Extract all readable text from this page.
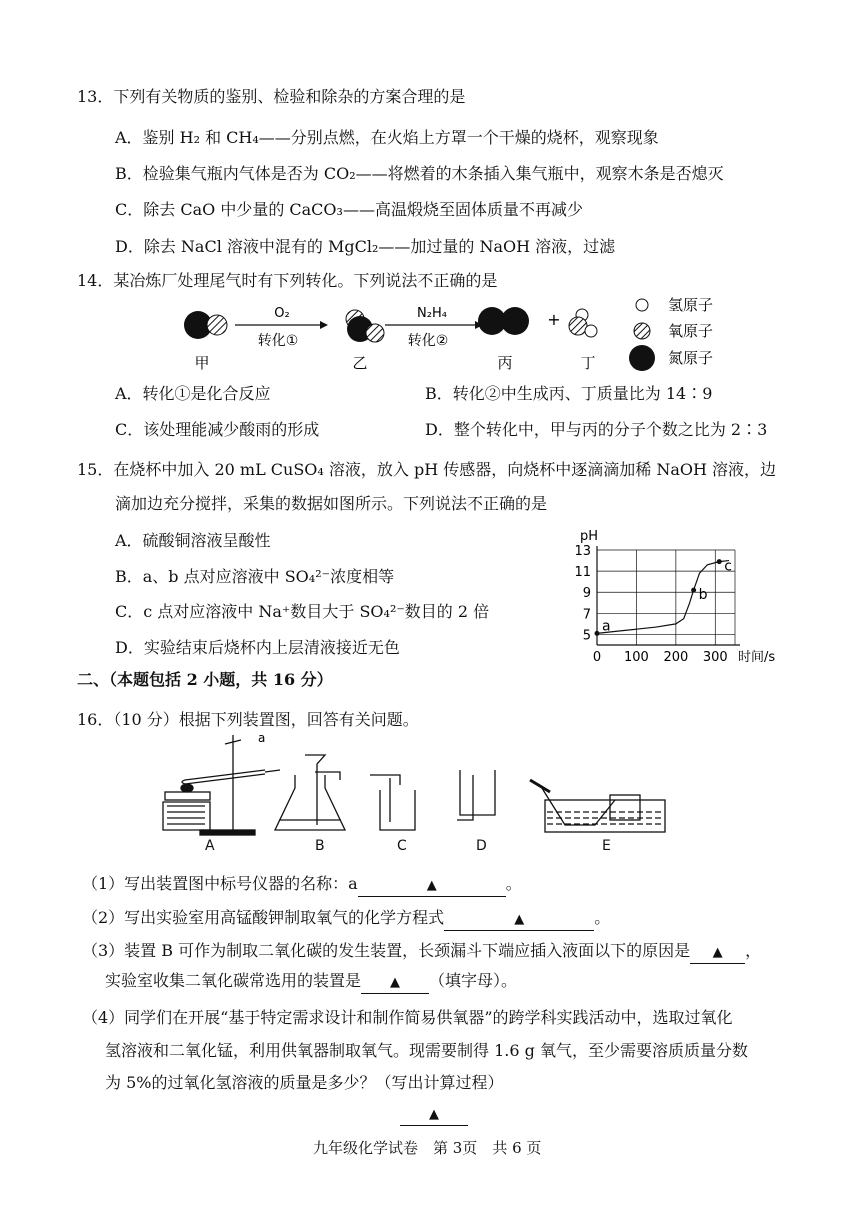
13．下列有关物质的鉴别、检验和除杂的方案合理的是
A．鉴别 H₂ 和 CH₄——分别点燃，在火焰上方罩一个干燥的烧杯，观察现象
B．检验集气瓶内气体是否为 CO₂——将燃着的木条插入集气瓶中，观察木条是否熄灭
C．除去 CaO 中少量的 CaCO₃——高温煅烧至固体质量不再减少
D．除去 NaCl 溶液中混有的 MgCl₂——加过量的 NaOH 溶液，过滤
14．某冶炼厂处理尾气时有下列转化。下列说法不正确的是
O₂
转化①
N₂H₄
转化②
+
氢原子
氧原子
氮原子
甲	乙	丙	丁
A．转化①是化合反应	B．转化②中生成丙、丁质量比为 14∶9
C．该处理能减少酸雨的形成	D．整个转化中，甲与丙的分子个数之比为 2∶3
15．在烧杯中加入 20 mL CuSO₄ 溶液，放入 pH 传感器，向烧杯中逐滴滴加稀 NaOH 溶液，边
滴加边充分搅拌，采集的数据如图所示。下列说法不正确的是
A．硫酸铜溶液呈酸性
B．a、b 点对应溶液中 SO₄²⁻浓度相等
C．c 点对应溶液中 Na⁺数目大于 SO₄²⁻数目的 2 倍
D．实验结束后烧杯内上层清液接近无色
0 100 200 300
5
7
9
11
13
pH
时间/s
a
b
c
二、（本题包括 2 小题，共 16 分）
16．（10 分）根据下列装置图，回答有关问题。
a
A	B	C	D	E
（1）写出装置图中标号仪器的名称：a	▲	。
（2）写出实验室用高锰酸钾制取氧气的化学方程式	▲	。
（3）装置 B 可作为制取二氧化碳的发生装置，长颈漏斗下端应插入液面以下的原因是 ▲ ，
实验室收集二氧化碳常选用的装置是 ▲ （填字母）。
（4）同学们在开展“基于特定需求设计和制作简易供氧器”的跨学科实践活动中，选取过氧化
氢溶液和二氧化锰，利用供氧器制取氧气。现需要制得 1.6 g 氧气，至少需要溶质质量分数
为 5%的过氧化氢溶液的质量是多少？（写出计算过程）
▲
九年级化学试卷　第 3页　共 6 页
